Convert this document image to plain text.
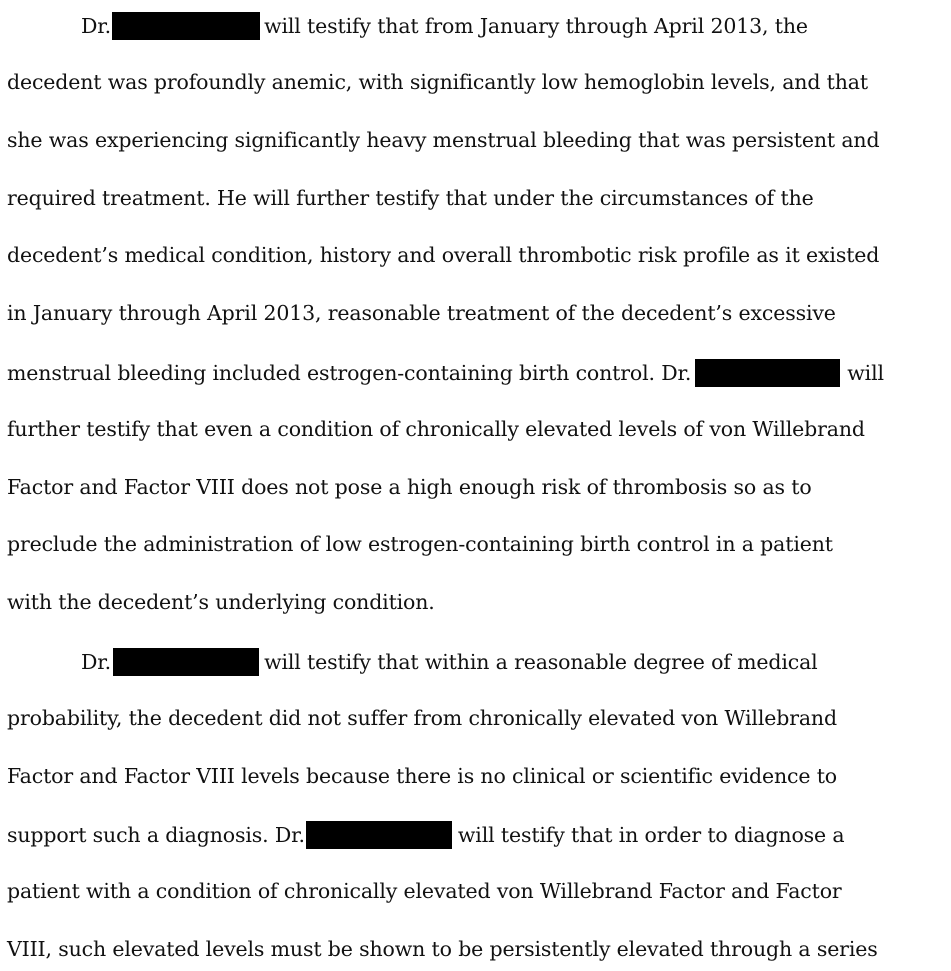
Dr.	will testify that from January through April 2013, the
decedent was profoundly anemic, with significantly low hemoglobin levels, and that
she was experiencing significantly heavy menstrual bleeding that was persistent and
required treatment. He will further testify that under the circumstances of the
decedent’s medical condition, history and overall thrombotic risk profile as it existed
in January through April 2013, reasonable treatment of the decedent’s excessive
menstrual bleeding included estrogen-containing birth control. Dr.	will
further testify that even a condition of chronically elevated levels of von Willebrand
Factor and Factor VIII does not pose a high enough risk of thrombosis so as to
preclude the administration of low estrogen-containing birth control in a patient
with the decedent’s underlying condition.
Dr.	will testify that within a reasonable degree of medical
probability, the decedent did not suffer from chronically elevated von Willebrand
Factor and Factor VIII levels because there is no clinical or scientific evidence to
support such a diagnosis. Dr.	will testify that in order to diagnose a
patient with a condition of chronically elevated von Willebrand Factor and Factor
VIII, such elevated levels must be shown to be persistently elevated through a series
